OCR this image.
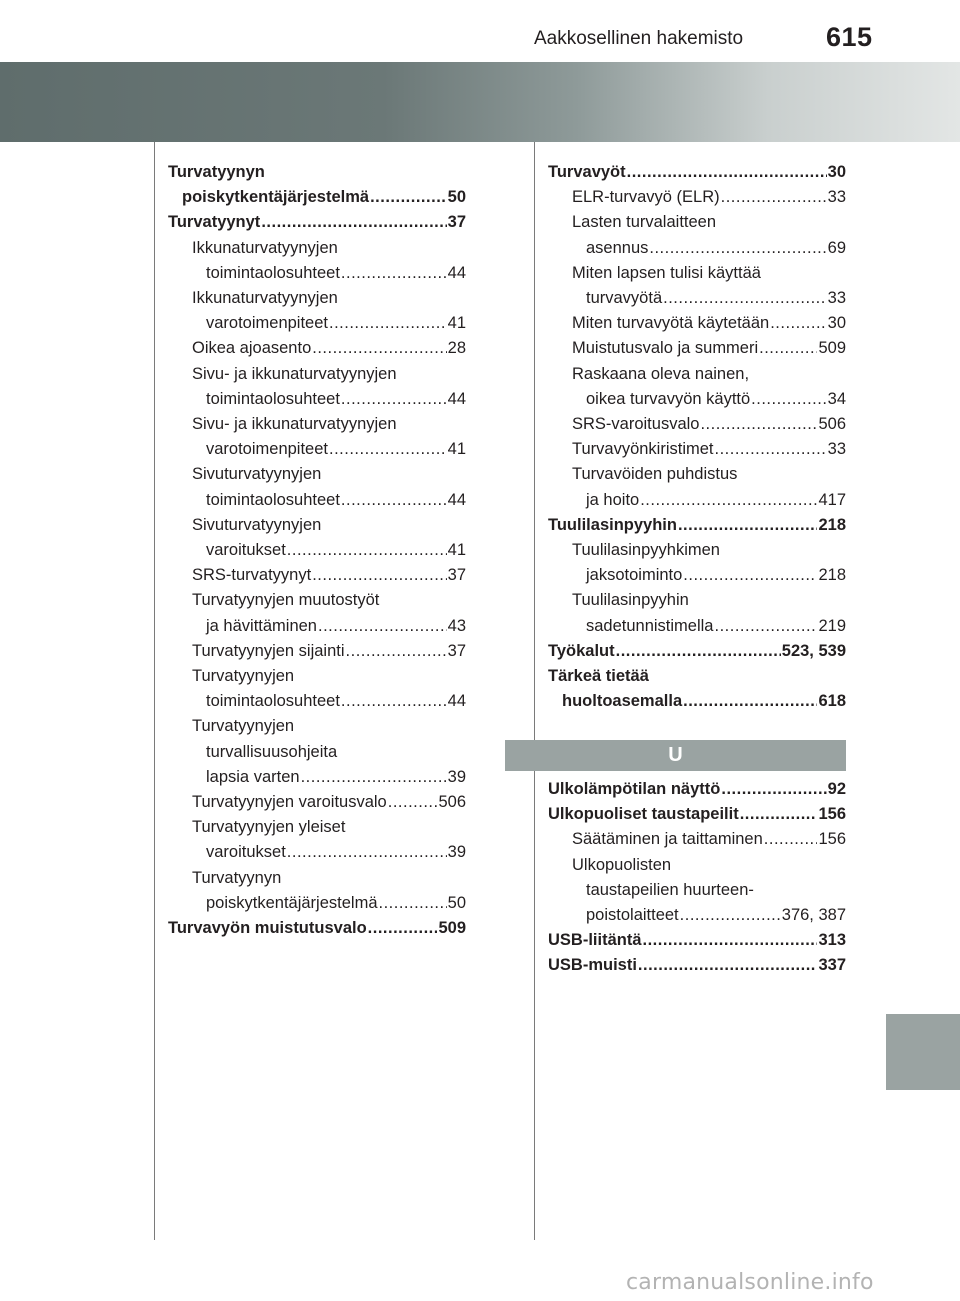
Aakkosellinen hakemisto	615
Turvatyynyn
poiskytkentäjärjestelmä .....	50
Turvatyynyt .....	37
Ikkunaturvatyynyjen
toimintaolosuhteet .....	44
Ikkunaturvatyynyjen
varotoimenpiteet .....	41
Oikea ajoasento .....	28
Sivu- ja ikkunaturvatyynyjen
toimintaolosuhteet .....	44
Sivu- ja ikkunaturvatyynyjen
varotoimenpiteet .....	41
Sivuturvatyynyjen
toimintaolosuhteet .....	44
Sivuturvatyynyjen
varoitukset .....	41
SRS-turvatyynyt .....	37
Turvatyynyjen muutostyöt
ja hävittäminen .....	43
Turvatyynyjen sijainti .....	37
Turvatyynyjen
toimintaolosuhteet .....	44
Turvatyynyjen
turvallisuusohjeita
lapsia varten .....	39
Turvatyynyjen varoitusvalo .....	506
Turvatyynyjen yleiset
varoitukset .....	39
Turvatyynyn
poiskytkentäjärjestelmä .....	50
Turvavyön muistutusvalo .....	509
Turvavyöt .....	30
ELR-turvavyö (ELR) .....	33
Lasten turvalaitteen
asennus .....	69
Miten lapsen tulisi käyttää
turvavyötä .....	33
Miten turvavyötä käytetään .....	30
Muistutusvalo ja summeri .....	509
Raskaana oleva nainen,
oikea turvavyön käyttö .....	34
SRS-varoitusvalo .....	506
Turvavyönkiristimet .....	33
Turvavöiden puhdistus
ja hoito .....	417
Tuulilasinpyyhin .....	218
Tuulilasinpyyhkimen
jaksotoiminto .....	218
Tuulilasinpyyhin
sadetunnistimella .....	219
Työkalut .....	523, 539
Tärkeä tietää
huoltoasemalla .....	618
U
Ulkolämpötilan näyttö .....	92
Ulkopuoliset taustapeilit .....	156
Säätäminen ja taittaminen .....	156
Ulkopuolisten
taustapeilien huurteen-
poistolaitteet .....	376, 387
USB-liitäntä .....	313
USB-muisti .....	337
carmanualsonline.info
